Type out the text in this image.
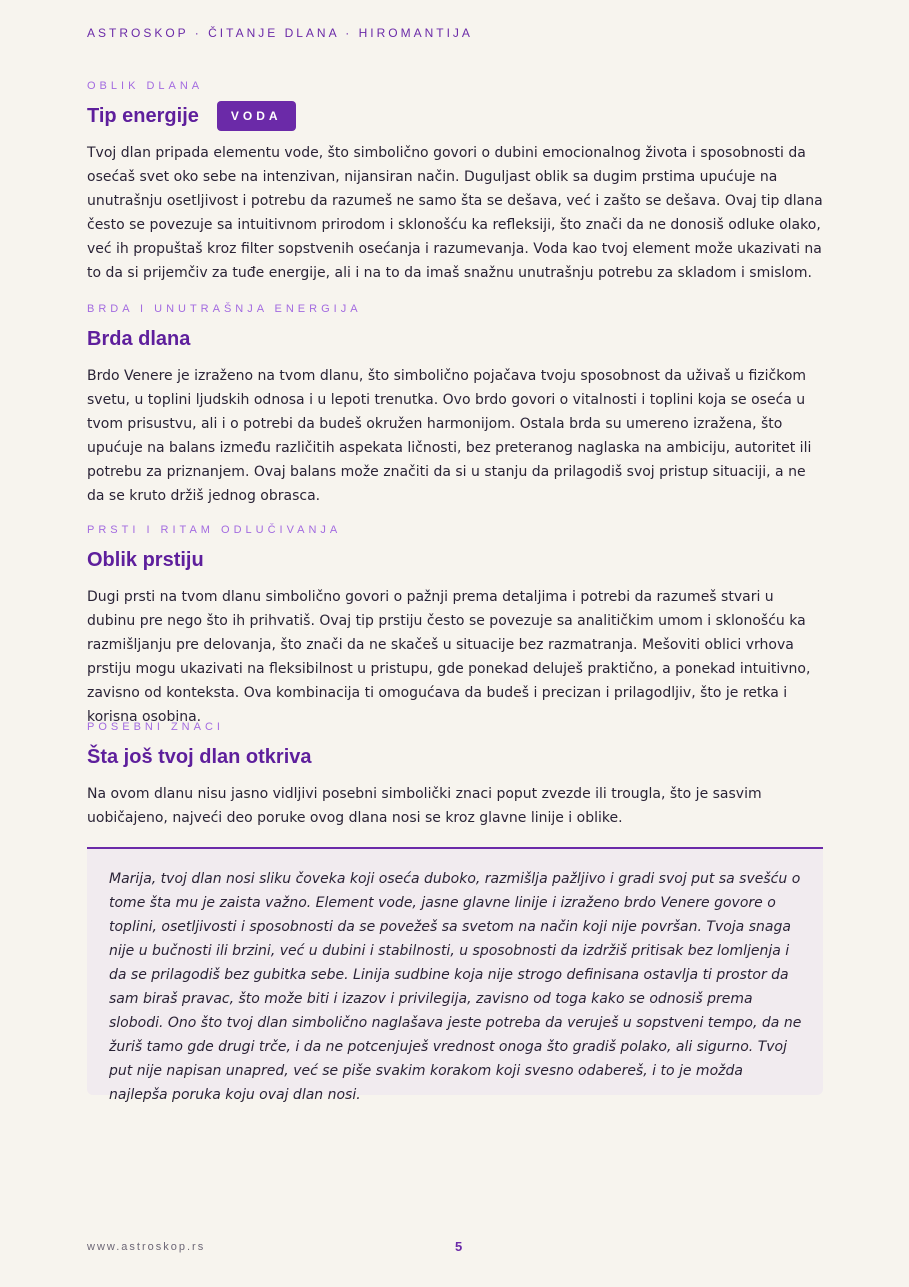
ASTROSKOP · ČITANJE DLANA · HIROMANTIJA
OBLIK DLANA
Tip energije	VODA

Tvoj dlan pripada elementu vode, što simbolično govori o dubini emocionalnog života i sposobnosti da osećaš svet oko sebe na intenzivan, nijansiran način. Duguljast oblik sa dugim prstima upućuje na unutrašnju osetljivost i potrebu da razumeš ne samo šta se dešava, već i zašto se dešava. Ovaj tip dlana često se povezuje sa intuitivnom prirodom i sklonošću ka refleksiji, što znači da ne donosiš odluke olako, već ih propuštaš kroz filter sopstvenih osećanja i razumevanja. Voda kao tvoj element može ukazivati na to da si prijemčiv za tuđe energije, ali i na to da imaš snažnu unutrašnju potrebu za skladom i smislom.

BRDA I UNUTRAŠNJA ENERGIJA
Brda dlana

Brdo Venere je izraženo na tvom dlanu, što simbolično pojačava tvoju sposobnost da uživaš u fizičkom svetu, u toplini ljudskih odnosa i u lepoti trenutka. Ovo brdo govori o vitalnosti i toplini koja se oseća u tvom prisustvu, ali i o potrebi da budeš okružen harmonijom. Ostala brda su umereno izražena, što upućuje na balans između različitih aspekata ličnosti, bez preteranog naglaska na ambiciju, autoritet ili potrebu za priznanjem. Ovaj balans može značiti da si u stanju da prilagodiš svoj pristup situaciji, a ne da se kruto držiš jednog obrasca.

PRSTI I RITAM ODLUČIVANJA
Oblik prstiju

Dugi prsti na tvom dlanu simbolično govori o pažnji prema detaljima i potrebi da razumeš stvari u dubinu pre nego što ih prihvatiš. Ovaj tip prstiju često se povezuje sa analitičkim umom i sklonošću ka razmišljanju pre delovanja, što znači da ne skačeš u situacije bez razmatranja. Mešoviti oblici vrhova prstiju mogu ukazivati na fleksibilnost u pristupu, gde ponekad deluješ praktično, a ponekad intuitivno, zavisno od konteksta. Ova kombinacija ti omogućava da budeš i precizan i prilagodljiv, što je retka i korisna osobina.

POSEBNI ZNACI
Šta još tvoj dlan otkriva

Na ovom dlanu nisu jasno vidljivi posebni simbolički znaci poput zvezde ili trougla, što je sasvim uobičajeno, najveći deo poruke ovog dlana nosi se kroz glavne linije i oblike.

Marija, tvoj dlan nosi sliku čoveka koji oseća duboko, razmišlja pažljivo i gradi svoj put sa svešću o tome šta mu je zaista važno. Element vode, jasne glavne linije i izraženo brdo Venere govore o toplini, osetljivosti i sposobnosti da se povežeš sa svetom na način koji nije površan. Tvoja snaga nije u bučnosti ili brzini, već u dubini i stabilnosti, u sposobnosti da izdržiš pritisak bez lomljenja i da se prilagodiš bez gubitka sebe. Linija sudbine koja nije strogo definisana ostavlja ti prostor da sam biraš pravac, što može biti i izazov i privilegija, zavisno od toga kako se odnosiš prema slobodi. Ono što tvoj dlan simbolično naglašava jeste potreba da veruješ u sopstveni tempo, da ne žuriš tamo gde drugi trče, i da ne potcenjuješ vrednost onoga što gradiš polako, ali sigurno. Tvoj put nije napisan unapred, već se piše svakim korakom koji svesno odabereš, i to je možda najlepša poruka koju ovaj dlan nosi.

www.astroskop.rs	5
